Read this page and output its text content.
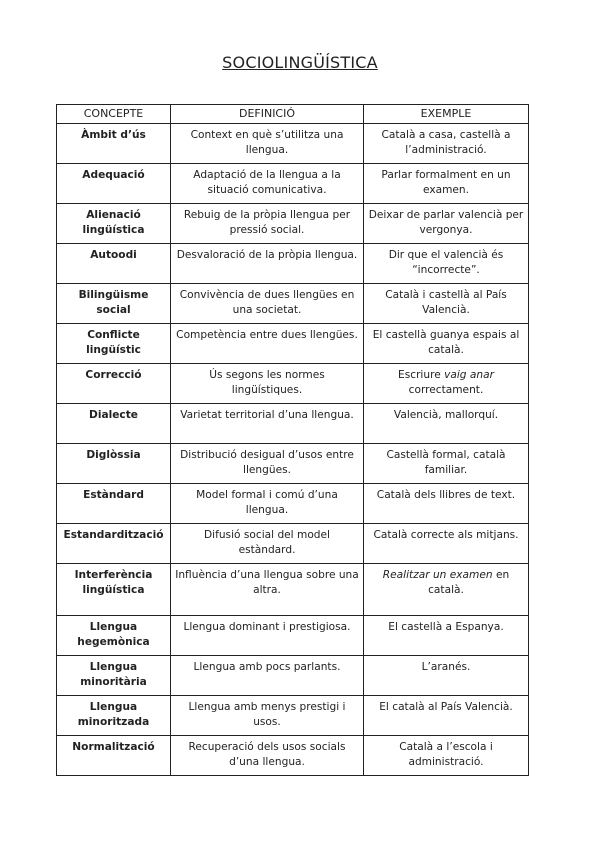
SOCIOLINGÜÍSTICA
CONCEPTE	DEFINICIÓ	EXEMPLE
Àmbit d’ús	Context en què s’utilitza una llengua.	Català a casa, castellà a l’administració.
Adequació	Adaptació de la llengua a la situació comunicativa.	Parlar formalment en un examen.
Alienació lingüística	Rebuig de la pròpia llengua per pressió social.	Deixar de parlar valencià per vergonya.
Autoodi	Desvaloració de la pròpia llengua.	Dir que el valencià és “incorrecte”.
Bilingüisme social	Convivència de dues llengües en una societat.	Català i castellà al País Valencià.
Conflicte lingüístic	Competència entre dues llengües.	El castellà guanya espais al català.
Correcció	Ús segons les normes lingüístiques.	Escriure vaig anar correctament.
Dialecte	Varietat territorial d’una llengua.	Valencià, mallorquí.
Diglòssia	Distribució desigual d’usos entre llengües.	Castellà formal, català familiar.
Estàndard	Model formal i comú d’una llengua.	Català dels llibres de text.
Estandardització	Difusió social del model estàndard.	Català correcte als mitjans.
Interferència lingüística	Influència d’una llengua sobre una altra.	Realitzar un examen en català.
Llengua hegemònica	Llengua dominant i prestigiosa.	El castellà a Espanya.
Llengua minoritària	Llengua amb pocs parlants.	L’aranés.
Llengua minoritzada	Llengua amb menys prestigi i usos.	El català al País Valencià.
Normalització	Recuperació dels usos socials d’una llengua.	Català a l’escola i administració.
